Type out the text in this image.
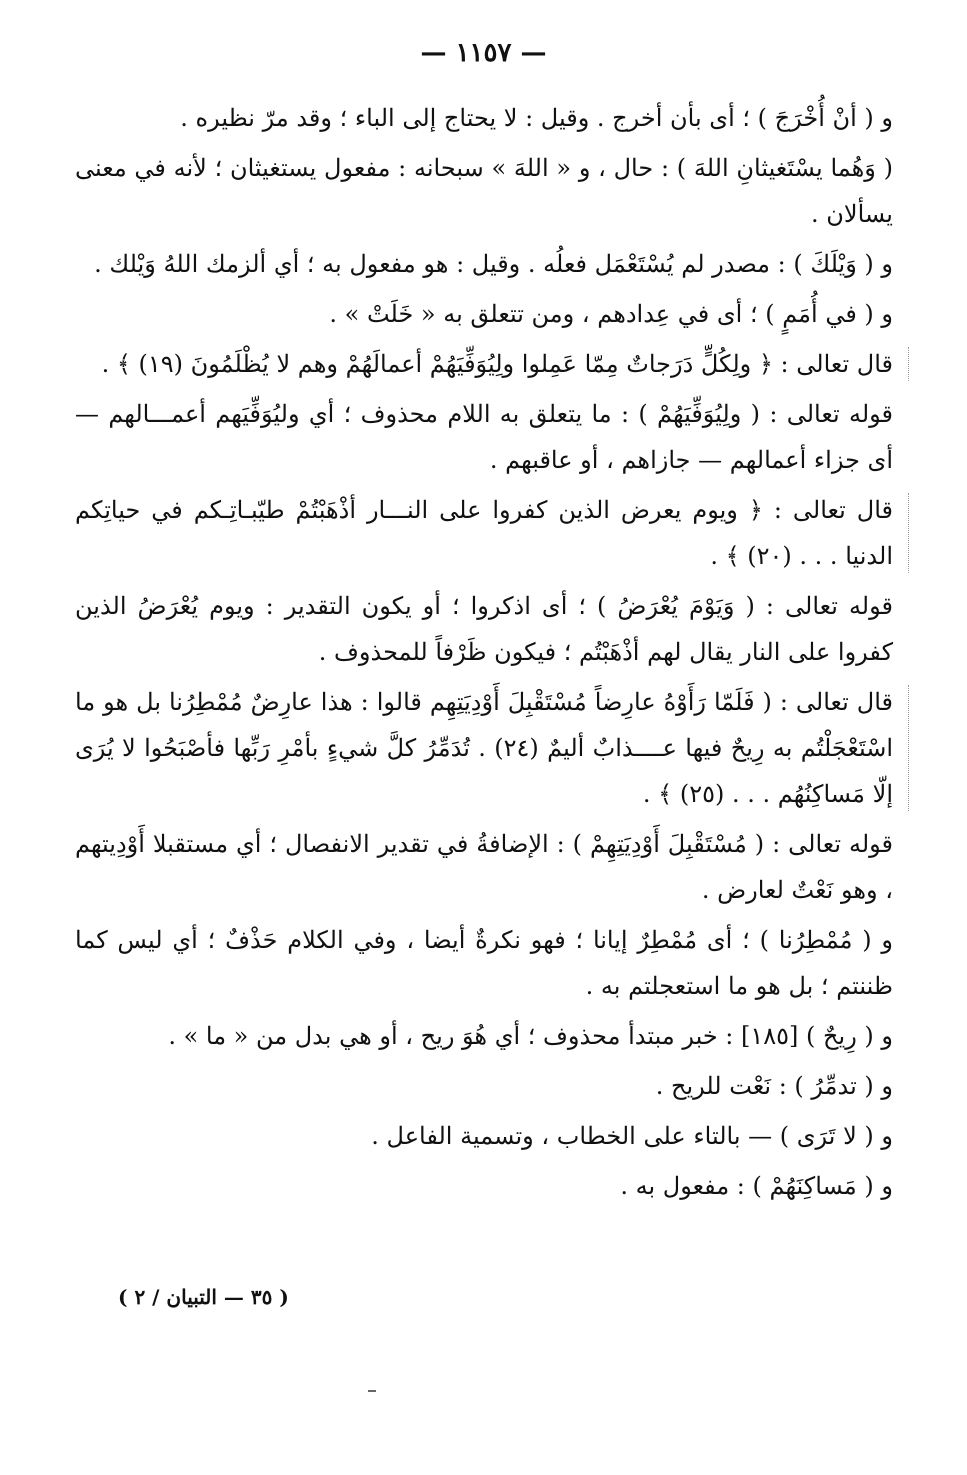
— ١١٥٧ —

و ( أنْ أُخْرَجَ ) ؛ أى بأن أخرج . وقيل : لا يحتاج إلى الباء ؛ وقد مرّ نظيره .

( وَهُما يسْتَغيثانِ اللهَ ) : حال ، و « اللهَ » سبحانه : مفعول يستغيثان ؛ لأنه في معنى يسألان .

و ( وَيْلَكَ ) : مصدر لم يُسْتَعْمَل فعلُه . وقيل : هو مفعول به ؛ أي ألزمك اللهُ وَيْلك .

و ( في أُمَمٍ ) ؛ أى في عِدادهم ، ومن تتعلق به « خَلَتْ » .

قال تعالى : ﴿ ولِكُلٍّ دَرَجاتٌ مِمّا عَمِلوا ولِيُوَفِّيَهُمْ أعمالَهُمْ وهم لا يُظْلَمُونَ (١٩) ﴾ .

قوله تعالى : ( ولِيُوَفِّيَهُمْ ) : ما يتعلق به اللام محذوف ؛ أي وليُوَفِّيَهم أعمـــالهم — أى جزاء أعمالهم — جازاهم ، أو عاقبهم .

قال تعالى : ﴿ ويوم يعرض الذين كفروا على النـــار أذْهَبْتُمْ طيّبـاتِـكم في حياتِكم الدنيا . . . (٢٠) ﴾ .

قوله تعالى : ( وَيَوْمَ يُعْرَضُ ) ؛ أى اذكروا ؛ أو يكون التقدير : ويوم يُعْرَضُ الذين كفروا على النار يقال لهم أذْهَبْتُم ؛ فيكون ظَرْفاً للمحذوف .

قال تعالى : ( فَلَمّا رَأَوْهُ عارِضاً مُسْتَقْبِلَ أَوْدِيَتِهِم قالوا : هذا عارِضٌ مُمْطِرُنا بل هو ما اسْتَعْجَلْتُم به رِيحٌ فيها عــــذابٌ أليمٌ (٢٤) . تُدَمِّرُ كلَّ شيءٍ بأمْرِ رَبِّها فأصْبَحُوا لا يُرَى إلّا مَساكِنُهُم . . . (٢٥) ﴾ .

قوله تعالى : ( مُسْتَقْبِلَ أَوْدِيَتِهِمْ ) : الإضافةُ في تقدير الانفصال ؛ أي مستقبلا أَوْدِيتهم ، وهو نَعْتٌ لعارض .

و ( مُمْطِرُنا ) ؛ أى مُمْطِرٌ إيانا ؛ فهو نكرةٌ أيضا ، وفي الكلام حَذْفٌ ؛ أي ليس كما ظننتم ؛ بل هو ما استعجلتم به .

و ( رِيحٌ ) [١٨٥] : خبر مبتدأ محذوف ؛ أي هُوَ ريح ، أو هي بدل من « ما » .

و ( تدمِّرُ ) : نَعْت للريح .

و ( لا تَرَى ) — بالتاء على الخطاب ، وتسمية الفاعل .

و ( مَساكِنَهُمْ ) : مفعول به .

( ٣٥ — التبيان / ٢ )
